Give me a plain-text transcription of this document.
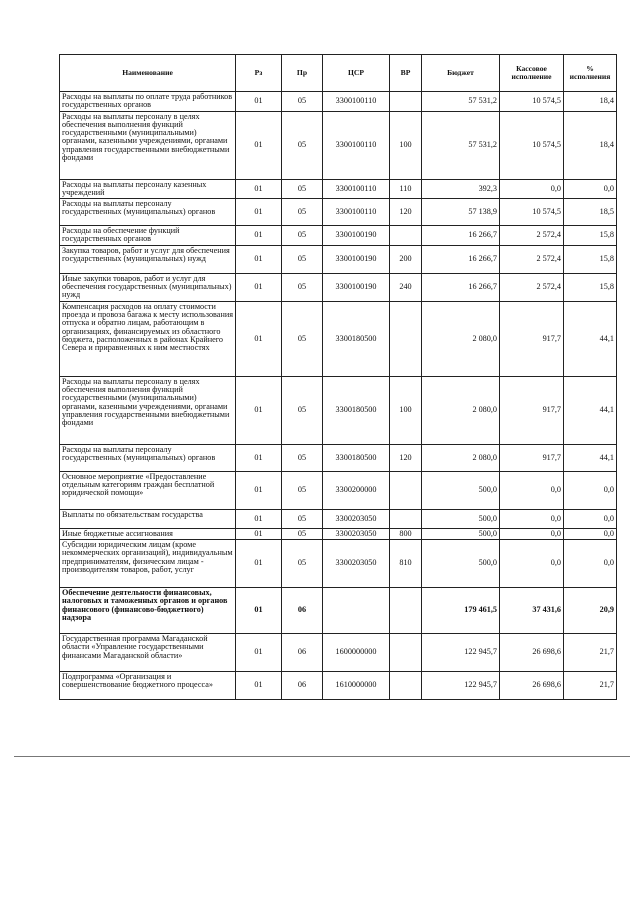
Наименование	Рз	Пр	ЦСР	ВР	Бюджет	Кассовое исполнение	% исполнения
Расходы на выплаты по оплате труда работников государственных органов	01	05	3300100110		57 531,2	10 574,5	18,4
Расходы на выплаты персоналу в целях обеспечения выполнения функций государственными (муниципальными) органами, казенными учреждениями, органами управления государственными внебюджетными фондами	01	05	3300100110	100	57 531,2	10 574,5	18,4
Расходы на выплаты персоналу казенных учреждений	01	05	3300100110	110	392,3	0,0	0,0
Расходы на выплаты персоналу государственных (муниципальных) органов	01	05	3300100110	120	57 138,9	10 574,5	18,5
Расходы на обеспечение функций государственных органов	01	05	3300100190		16 266,7	2 572,4	15,8
Закупка товаров, работ и услуг для обеспечения государственных (муниципальных) нужд	01	05	3300100190	200	16 266,7	2 572,4	15,8
Иные закупки товаров, работ и услуг для обеспечения государственных (муниципальных) нужд	01	05	3300100190	240	16 266,7	2 572,4	15,8
Компенсация расходов на оплату стоимости проезда и провоза багажа к месту использования отпуска и обратно лицам, работающим в организациях, финансируемых из областного бюджета, расположенных в районах Крайнего Севера и приравненных к ним местностях	01	05	3300180500		2 080,0	917,7	44,1
Расходы на выплаты персоналу в целях обеспечения выполнения функций государственными (муниципальными) органами, казенными учреждениями, органами управления государственными внебюджетными фондами	01	05	3300180500	100	2 080,0	917,7	44,1
Расходы на выплаты персоналу государственных (муниципальных) органов	01	05	3300180500	120	2 080,0	917,7	44,1
Основное мероприятие «Предоставление отдельным категориям граждан бесплатной юридической помощи»	01	05	3300200000		500,0	0,0	0,0
Выплаты по обязательствам государства	01	05	3300203050		500,0	0,0	0,0
Иные бюджетные ассигнования	01	05	3300203050	800	500,0	0,0	0,0
Субсидии юридическим лицам (кроме некоммерческих организаций), индивидуальным предпринимателям, физическим лицам - производителям товаров, работ, услуг	01	05	3300203050	810	500,0	0,0	0,0
Обеспечение деятельности финансовых, налоговых и таможенных органов и органов финансового (финансово-бюджетного) надзора	01	06			179 461,5	37 431,6	20,9
Государственная программа Магаданской области «Управление государственными финансами Магаданской области»	01	06	1600000000		122 945,7	26 698,6	21,7
Подпрограмма «Организация и совершенствование бюджетного процесса»	01	06	1610000000		122 945,7	26 698,6	21,7
